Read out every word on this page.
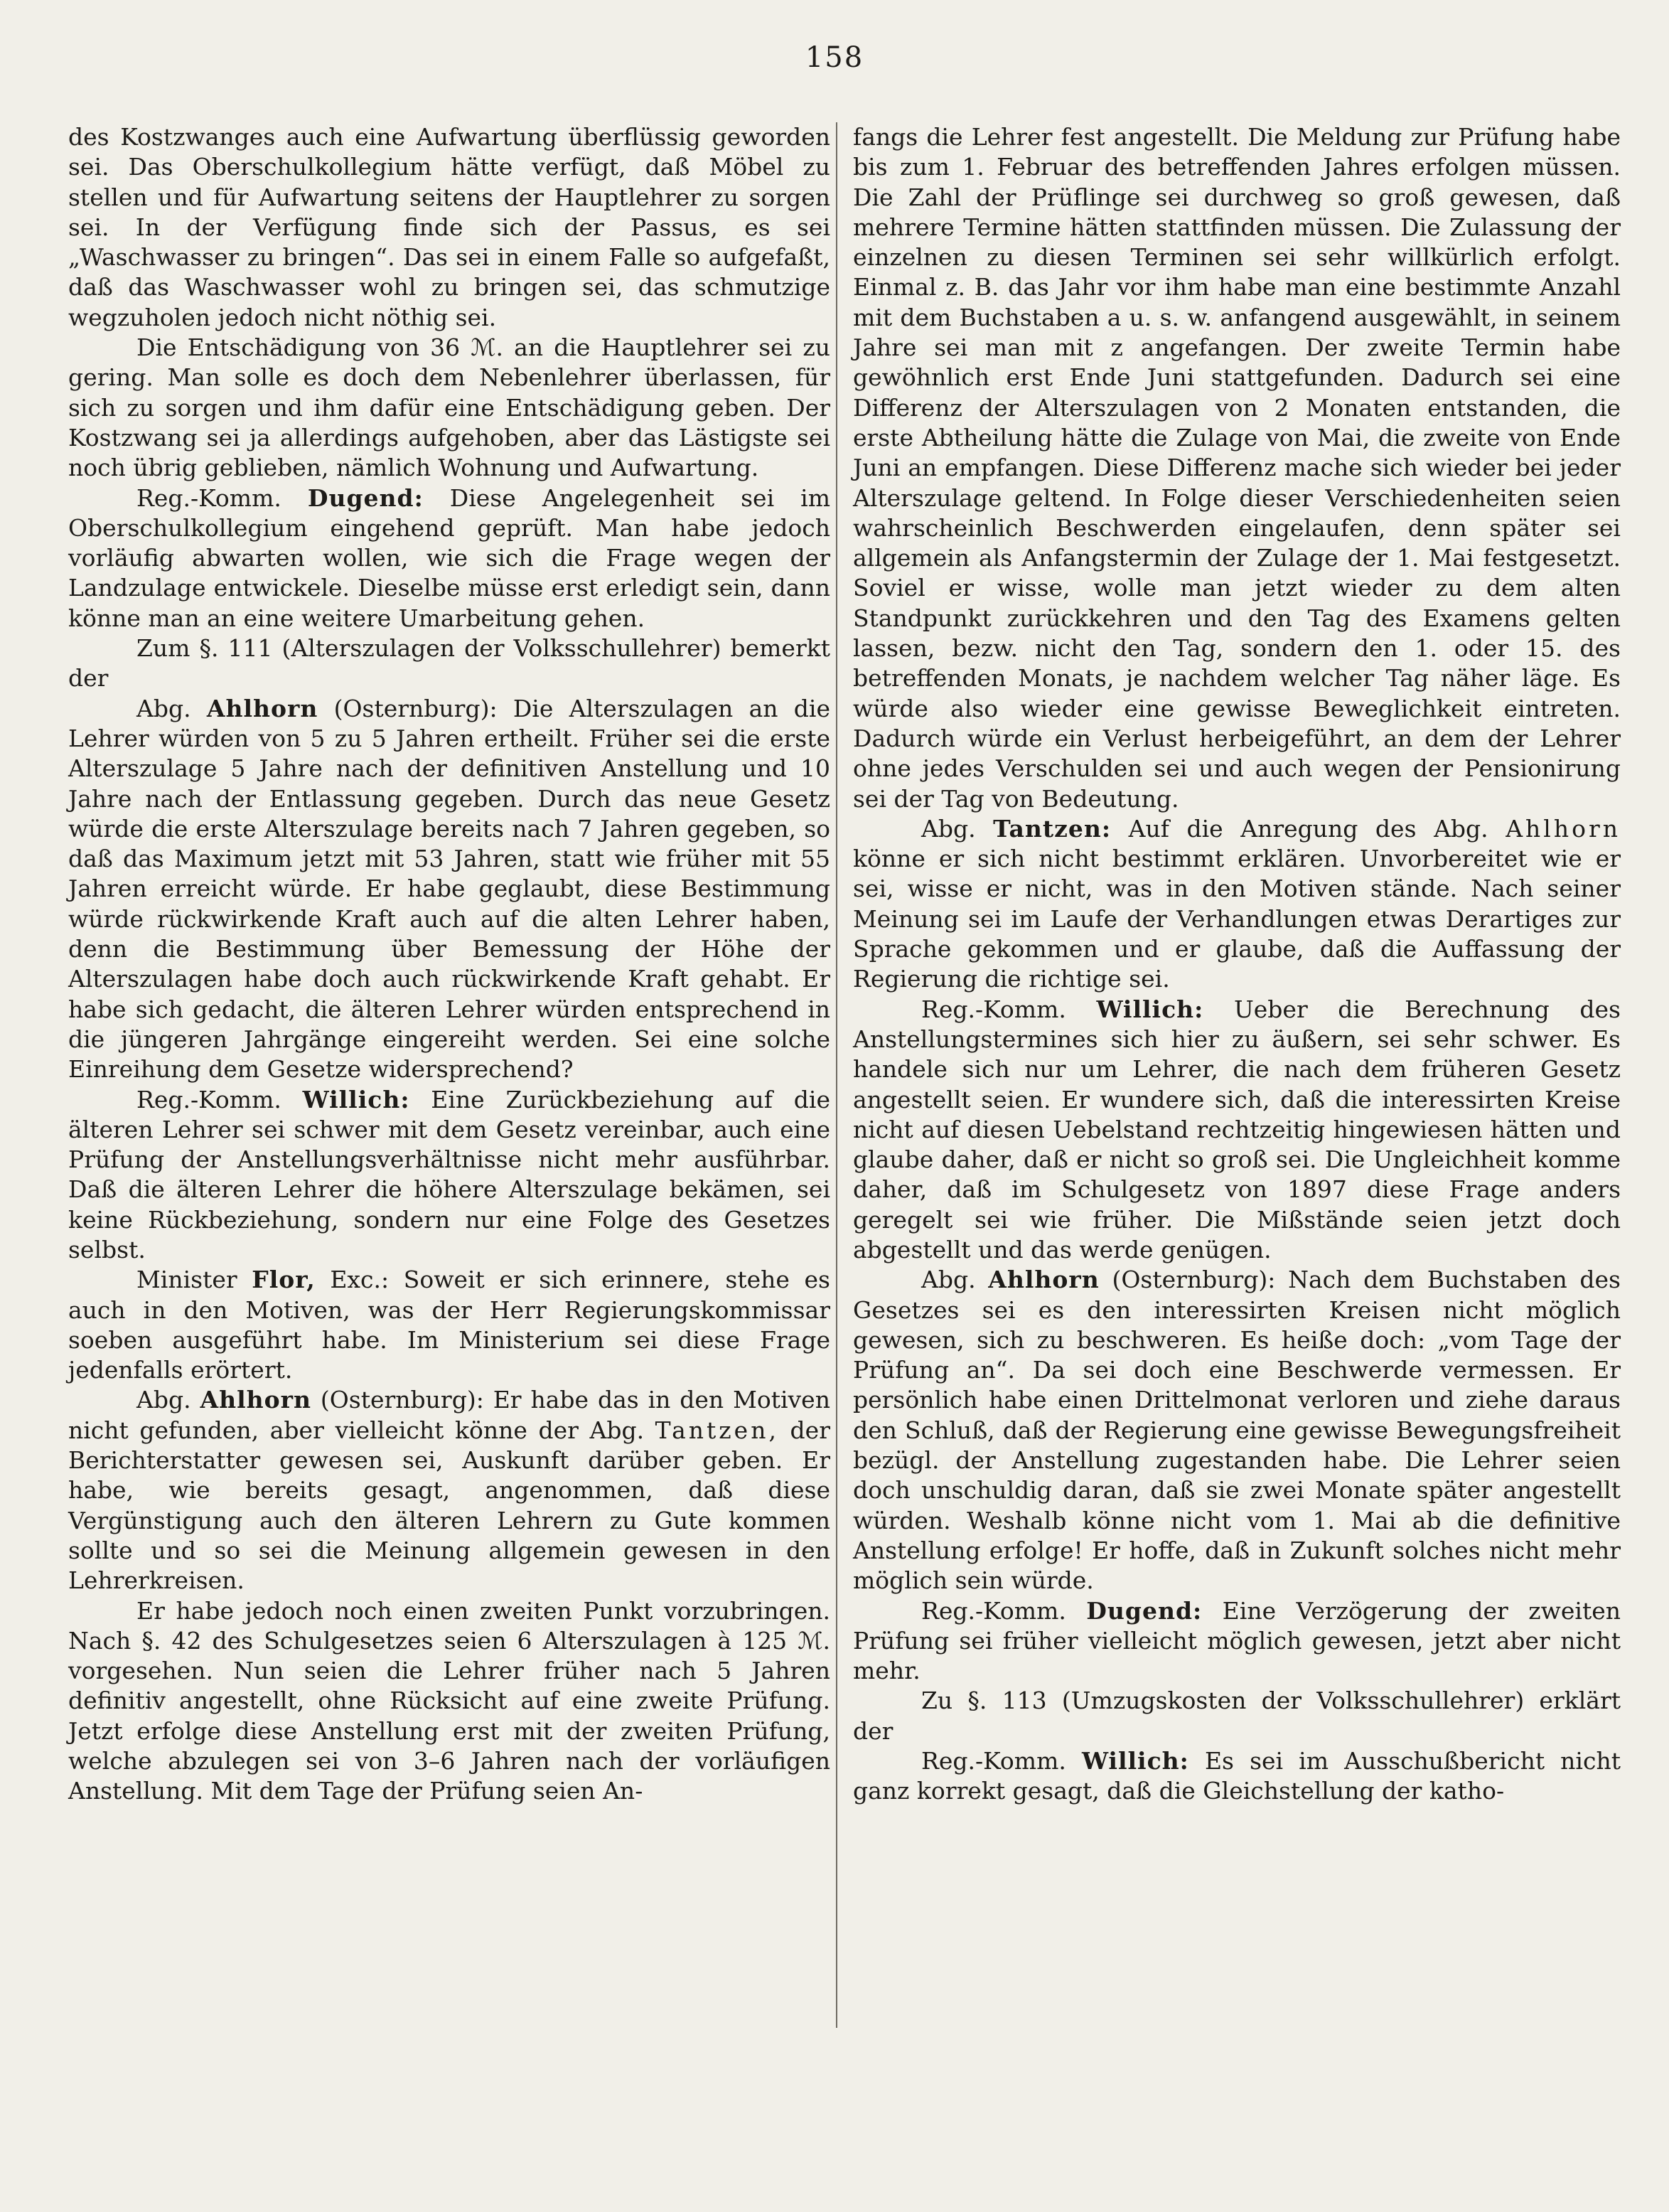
158

des Kostzwanges auch eine Aufwartung überflüssig geworden sei. Das Oberschulkollegium hätte verfügt, daß Möbel zu stellen und für Aufwartung seitens der Hauptlehrer zu sorgen sei. In der Verfügung finde sich der Passus, es sei „Waschwasser zu bringen“. Das sei in einem Falle so aufgefaßt, daß das Waschwasser wohl zu bringen sei, das schmutzige wegzuholen jedoch nicht nöthig sei.

Die Entschädigung von 36 ℳ. an die Hauptlehrer sei zu gering. Man solle es doch dem Nebenlehrer überlassen, für sich zu sorgen und ihm dafür eine Entschädigung geben. Der Kostzwang sei ja allerdings aufgehoben, aber das Lästigste sei noch übrig geblieben, nämlich Wohnung und Aufwartung.

Reg.-Komm. Dugend: Diese Angelegenheit sei im Oberschulkollegium eingehend geprüft. Man habe jedoch vorläufig abwarten wollen, wie sich die Frage wegen der Landzulage entwickele. Dieselbe müsse erst erledigt sein, dann könne man an eine weitere Umarbeitung gehen.

Zum §. 111 (Alterszulagen der Volksschullehrer) bemerkt der

Abg. Ahlhorn (Osternburg): Die Alterszulagen an die Lehrer würden von 5 zu 5 Jahren ertheilt. Früher sei die erste Alterszulage 5 Jahre nach der definitiven Anstellung und 10 Jahre nach der Entlassung gegeben. Durch das neue Gesetz würde die erste Alterszulage bereits nach 7 Jahren gegeben, so daß das Maximum jetzt mit 53 Jahren, statt wie früher mit 55 Jahren erreicht würde. Er habe geglaubt, diese Bestimmung würde rückwirkende Kraft auch auf die alten Lehrer haben, denn die Bestimmung über Bemessung der Höhe der Alterszulagen habe doch auch rückwirkende Kraft gehabt. Er habe sich gedacht, die älteren Lehrer würden entsprechend in die jüngeren Jahrgänge eingereiht werden. Sei eine solche Einreihung dem Gesetze widersprechend?

Reg.-Komm. Willich: Eine Zurückbeziehung auf die älteren Lehrer sei schwer mit dem Gesetz vereinbar, auch eine Prüfung der Anstellungsverhältnisse nicht mehr ausführbar. Daß die älteren Lehrer die höhere Alterszulage bekämen, sei keine Rückbeziehung, sondern nur eine Folge des Gesetzes selbst.

Minister Flor, Exc.: Soweit er sich erinnere, stehe es auch in den Motiven, was der Herr Regierungskommissar soeben ausgeführt habe. Im Ministerium sei diese Frage jedenfalls erörtert.

Abg. Ahlhorn (Osternburg): Er habe das in den Motiven nicht gefunden, aber vielleicht könne der Abg. Tantzen, der Berichterstatter gewesen sei, Auskunft darüber geben. Er habe, wie bereits gesagt, angenommen, daß diese Vergünstigung auch den älteren Lehrern zu Gute kommen sollte und so sei die Meinung allgemein gewesen in den Lehrerkreisen.

Er habe jedoch noch einen zweiten Punkt vorzubringen. Nach §. 42 des Schulgesetzes seien 6 Alterszulagen à 125 ℳ. vorgesehen. Nun seien die Lehrer früher nach 5 Jahren definitiv angestellt, ohne Rücksicht auf eine zweite Prüfung. Jetzt erfolge diese Anstellung erst mit der zweiten Prüfung, welche abzulegen sei von 3–6 Jahren nach der vorläufigen Anstellung. Mit dem Tage der Prüfung seien An-

fangs die Lehrer fest angestellt. Die Meldung zur Prüfung habe bis zum 1. Februar des betreffenden Jahres erfolgen müssen. Die Zahl der Prüflinge sei durchweg so groß gewesen, daß mehrere Termine hätten stattfinden müssen. Die Zulassung der einzelnen zu diesen Terminen sei sehr willkürlich erfolgt. Einmal z. B. das Jahr vor ihm habe man eine bestimmte Anzahl mit dem Buchstaben a u. s. w. anfangend ausgewählt, in seinem Jahre sei man mit z angefangen. Der zweite Termin habe gewöhnlich erst Ende Juni stattgefunden. Dadurch sei eine Differenz der Alterszulagen von 2 Monaten entstanden, die erste Abtheilung hätte die Zulage von Mai, die zweite von Ende Juni an empfangen. Diese Differenz mache sich wieder bei jeder Alterszulage geltend. In Folge dieser Verschiedenheiten seien wahrscheinlich Beschwerden eingelaufen, denn später sei allgemein als Anfangstermin der Zulage der 1. Mai festgesetzt. Soviel er wisse, wolle man jetzt wieder zu dem alten Standpunkt zurückkehren und den Tag des Examens gelten lassen, bezw. nicht den Tag, sondern den 1. oder 15. des betreffenden Monats, je nachdem welcher Tag näher läge. Es würde also wieder eine gewisse Beweglichkeit eintreten. Dadurch würde ein Verlust herbeigeführt, an dem der Lehrer ohne jedes Verschulden sei und auch wegen der Pensionirung sei der Tag von Bedeutung.

Abg. Tantzen: Auf die Anregung des Abg. Ahlhorn könne er sich nicht bestimmt erklären. Unvorbereitet wie er sei, wisse er nicht, was in den Motiven stände. Nach seiner Meinung sei im Laufe der Verhandlungen etwas Derartiges zur Sprache gekommen und er glaube, daß die Auffassung der Regierung die richtige sei.

Reg.-Komm. Willich: Ueber die Berechnung des Anstellungstermines sich hier zu äußern, sei sehr schwer. Es handele sich nur um Lehrer, die nach dem früheren Gesetz angestellt seien. Er wundere sich, daß die interessirten Kreise nicht auf diesen Uebelstand rechtzeitig hingewiesen hätten und glaube daher, daß er nicht so groß sei. Die Ungleichheit komme daher, daß im Schulgesetz von 1897 diese Frage anders geregelt sei wie früher. Die Mißstände seien jetzt doch abgestellt und das werde genügen.

Abg. Ahlhorn (Osternburg): Nach dem Buchstaben des Gesetzes sei es den interessirten Kreisen nicht möglich gewesen, sich zu beschweren. Es heiße doch: „vom Tage der Prüfung an“. Da sei doch eine Beschwerde vermessen. Er persönlich habe einen Drittelmonat verloren und ziehe daraus den Schluß, daß der Regierung eine gewisse Bewegungsfreiheit bezügl. der Anstellung zugestanden habe. Die Lehrer seien doch unschuldig daran, daß sie zwei Monate später angestellt würden. Weshalb könne nicht vom 1. Mai ab die definitive Anstellung erfolge! Er hoffe, daß in Zukunft solches nicht mehr möglich sein würde.

Reg.-Komm. Dugend: Eine Verzögerung der zweiten Prüfung sei früher vielleicht möglich gewesen, jetzt aber nicht mehr.

Zu §. 113 (Umzugskosten der Volksschullehrer) erklärt der

Reg.-Komm. Willich: Es sei im Ausschußbericht nicht ganz korrekt gesagt, daß die Gleichstellung der katho-
